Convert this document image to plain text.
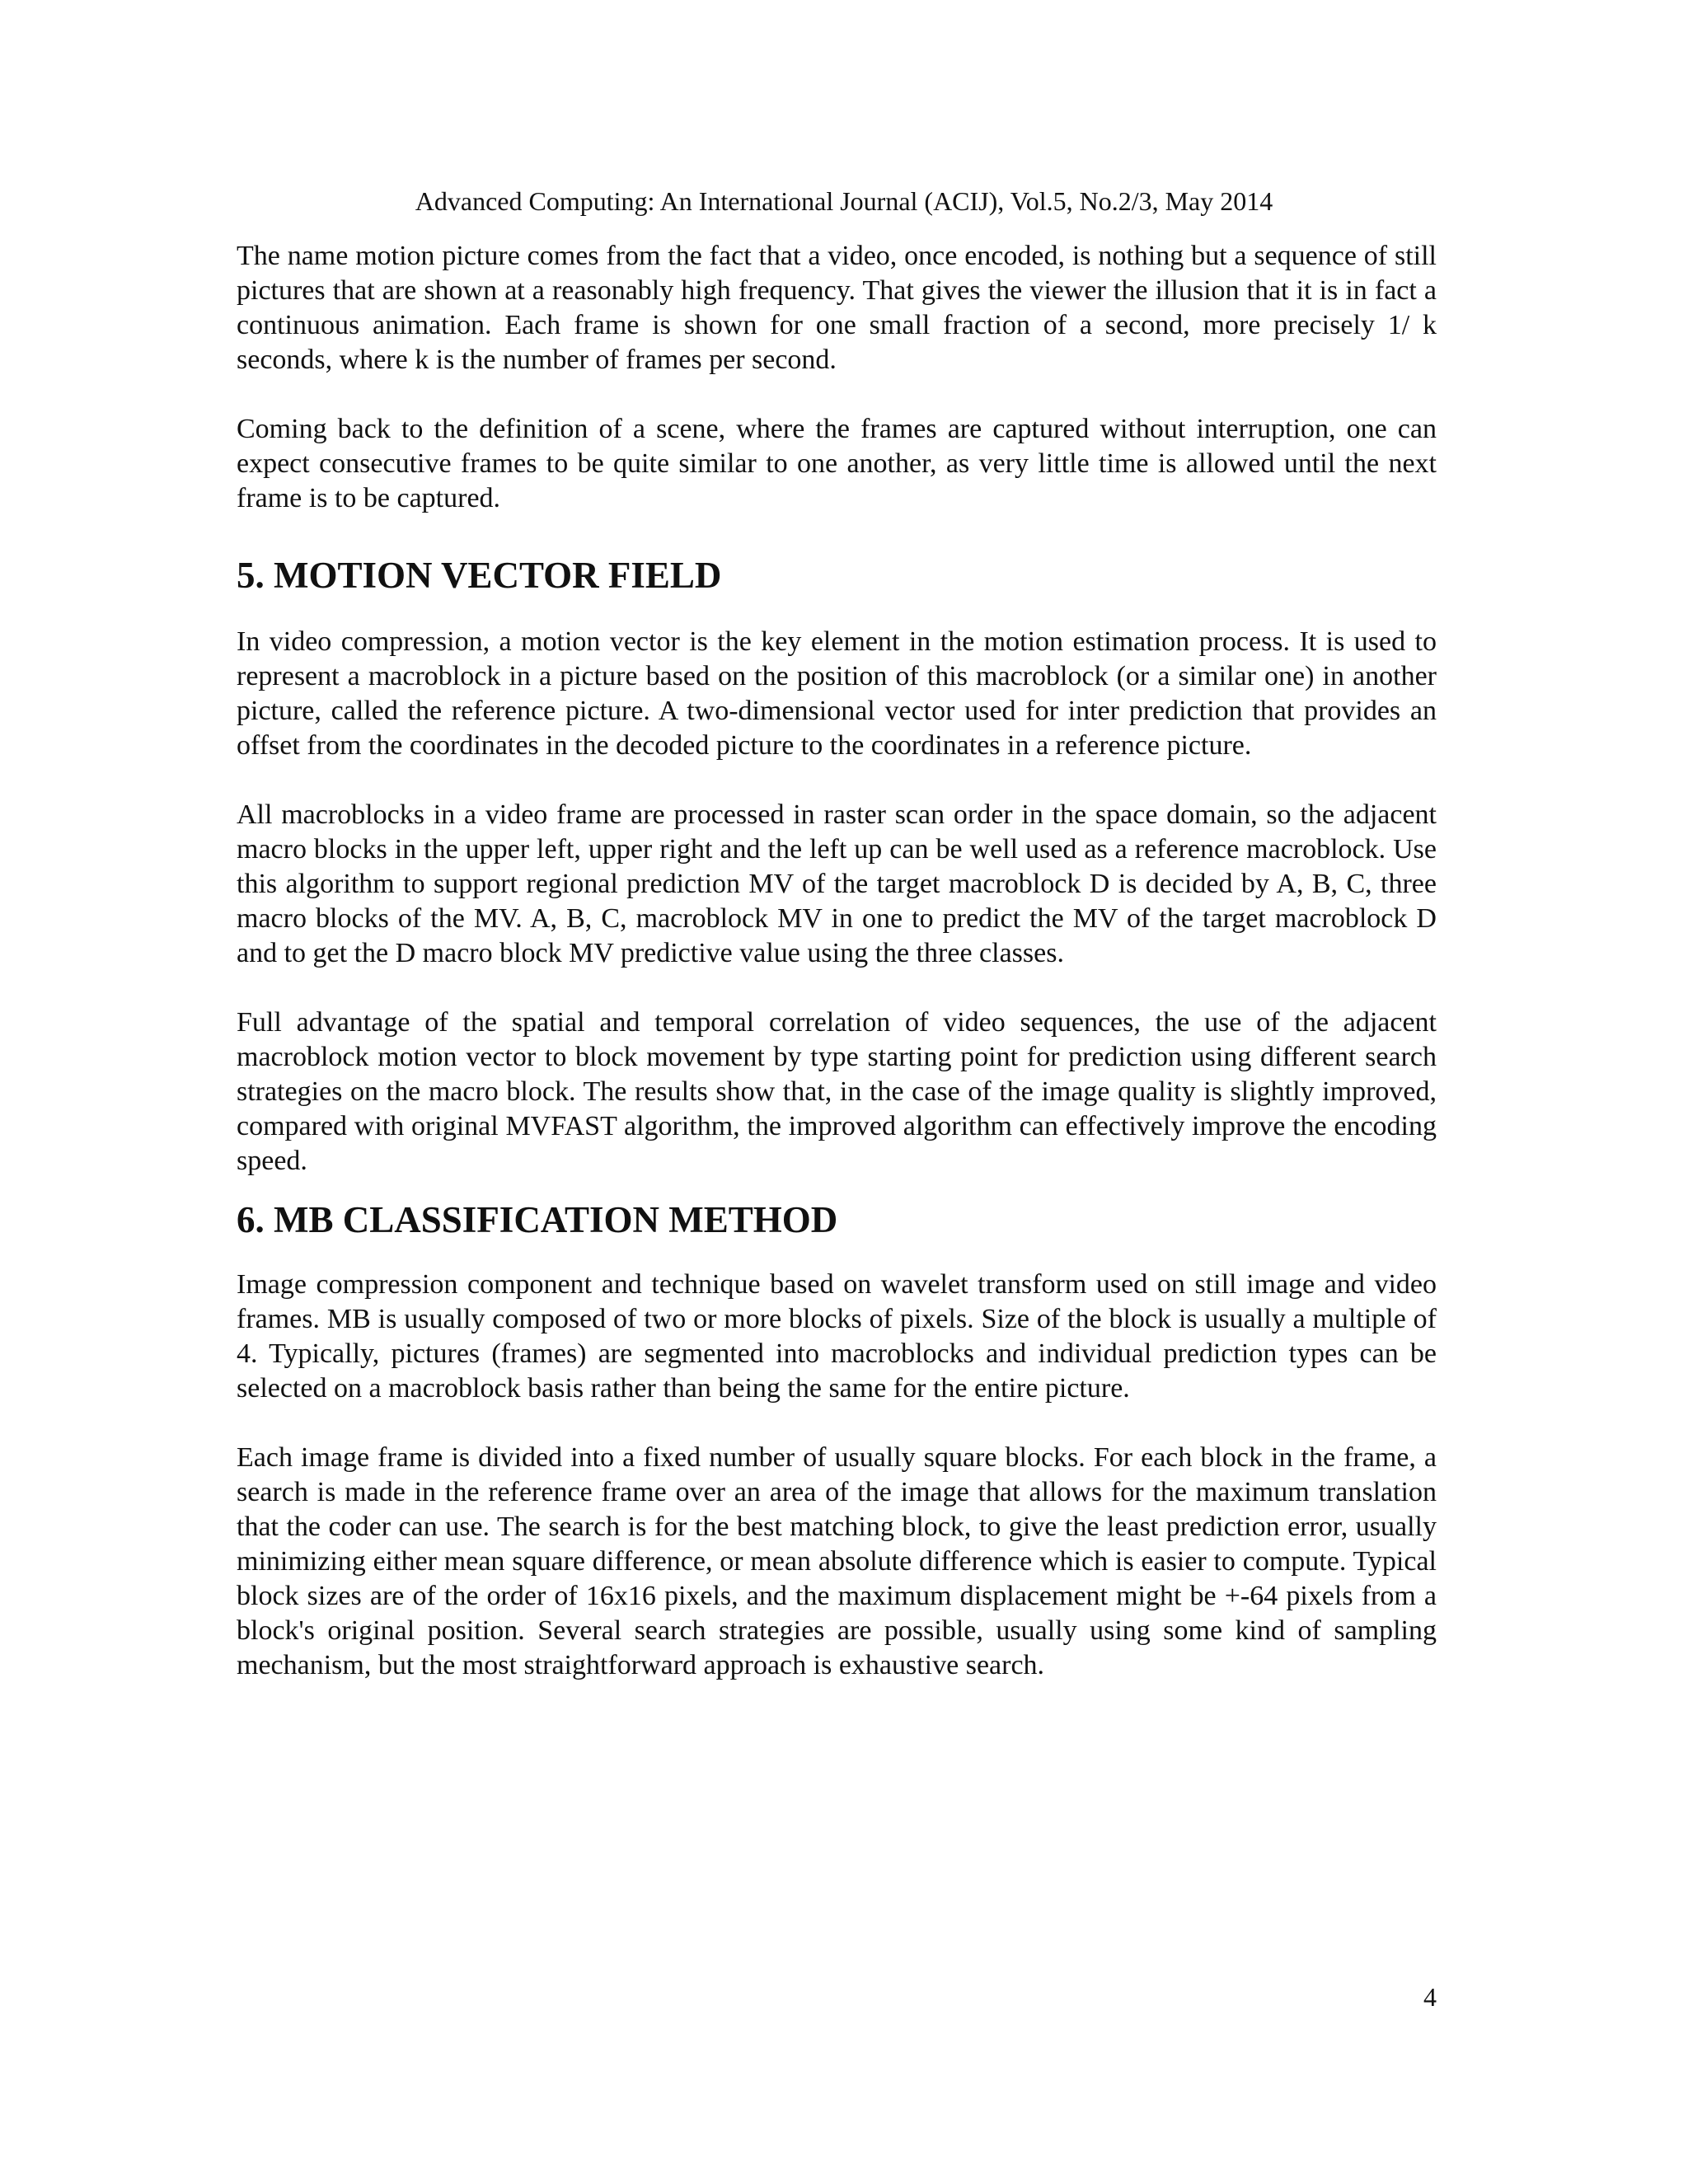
Advanced Computing: An International Journal (ACIJ), Vol.5, No.2/3, May 2014

The name motion picture comes from the fact that a video, once encoded, is nothing but a sequence of still pictures that are shown at a reasonably high frequency. That gives the viewer the illusion that it is in fact a continuous animation. Each frame is shown for one small fraction of a second, more precisely 1/ k seconds, where k is the number of frames per second.

Coming back to the definition of a scene, where the frames are captured without interruption, one can expect consecutive frames to be quite similar to one another, as very little time is allowed until the next frame is to be captured.

5. MOTION VECTOR FIELD

In video compression, a motion vector is the key element in the motion estimation process. It is used to represent a macroblock in a picture based on the position of this macroblock (or a similar one) in another picture, called the reference picture. A two-dimensional vector used for inter prediction that provides an offset from the coordinates in the decoded picture to the coordinates in a reference picture.

All macroblocks in a video frame are processed in raster scan order in the space domain, so the adjacent macro blocks in the upper left, upper right and the left up can be well used as a reference macroblock. Use this algorithm to support regional prediction MV of the target macroblock D is decided by A, B, C, three macro blocks of the MV. A, B, C, macroblock MV in one to predict the MV of the target macroblock D and to get the D macro block MV predictive value using the three classes.

Full advantage of the spatial and temporal correlation of video sequences, the use of the adjacent macroblock motion vector to block movement by type starting point for prediction using different search strategies on the macro block. The results show that, in the case of the image quality is slightly improved, compared with original MVFAST algorithm, the improved algorithm can effectively improve the encoding speed.

6. MB CLASSIFICATION METHOD

Image compression component and technique based on wavelet transform used on still image and video frames. MB is usually composed of two or more blocks of pixels. Size of the block is usually a multiple of 4. Typically, pictures (frames) are segmented into macroblocks and individual prediction types can be selected on a macroblock basis rather than being the same for the entire picture.

Each image frame is divided into a fixed number of usually square blocks. For each block in the frame, a search is made in the reference frame over an area of the image that allows for the maximum translation that the coder can use. The search is for the best matching block, to give the least prediction error, usually minimizing either mean square difference, or mean absolute difference which is easier to compute. Typical block sizes are of the order of 16x16 pixels, and the maximum displacement might be +-64 pixels from a block's original position. Several search strategies are possible, usually using some kind of sampling mechanism, but the most straightforward approach is exhaustive search.

4
